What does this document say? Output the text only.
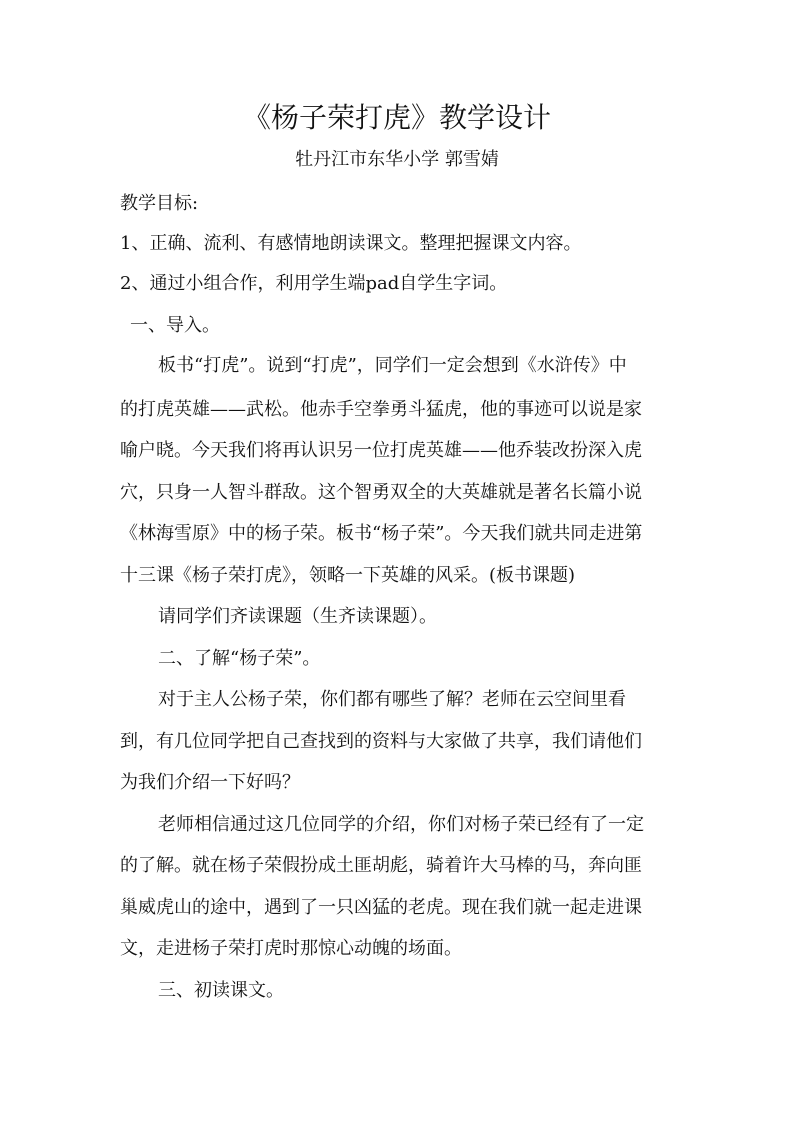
《杨子荣打虎》教学设计
牡丹江市东华小学 郭雪婧
教学目标:
1、正确、流利、有感情地朗读课文。整理把握课文内容。
2、通过小组合作，利用学生端pad自学生字词。
一、导入。
板书“打虎”。说到“打虎”，同学们一定会想到《水浒传》中
的打虎英雄——武松。他赤手空拳勇斗猛虎，他的事迹可以说是家
喻户晓。今天我们将再认识另一位打虎英雄——他乔装改扮深入虎
穴，只身一人智斗群敌。这个智勇双全的大英雄就是著名长篇小说
《林海雪原》中的杨子荣。板书“杨子荣”。今天我们就共同走进第
十三课《杨子荣打虎》，领略一下英雄的风采。(板书课题)
请同学们齐读课题（生齐读课题）。
二、了解“杨子荣”。
对于主人公杨子荣，你们都有哪些了解？老师在云空间里看
到，有几位同学把自己查找到的资料与大家做了共享，我们请他们
为我们介绍一下好吗？
老师相信通过这几位同学的介绍，你们对杨子荣已经有了一定
的了解。就在杨子荣假扮成土匪胡彪，骑着许大马棒的马，奔向匪
巢威虎山的途中，遇到了一只凶猛的老虎。现在我们就一起走进课
文，走进杨子荣打虎时那惊心动魄的场面。
三、初读课文。
